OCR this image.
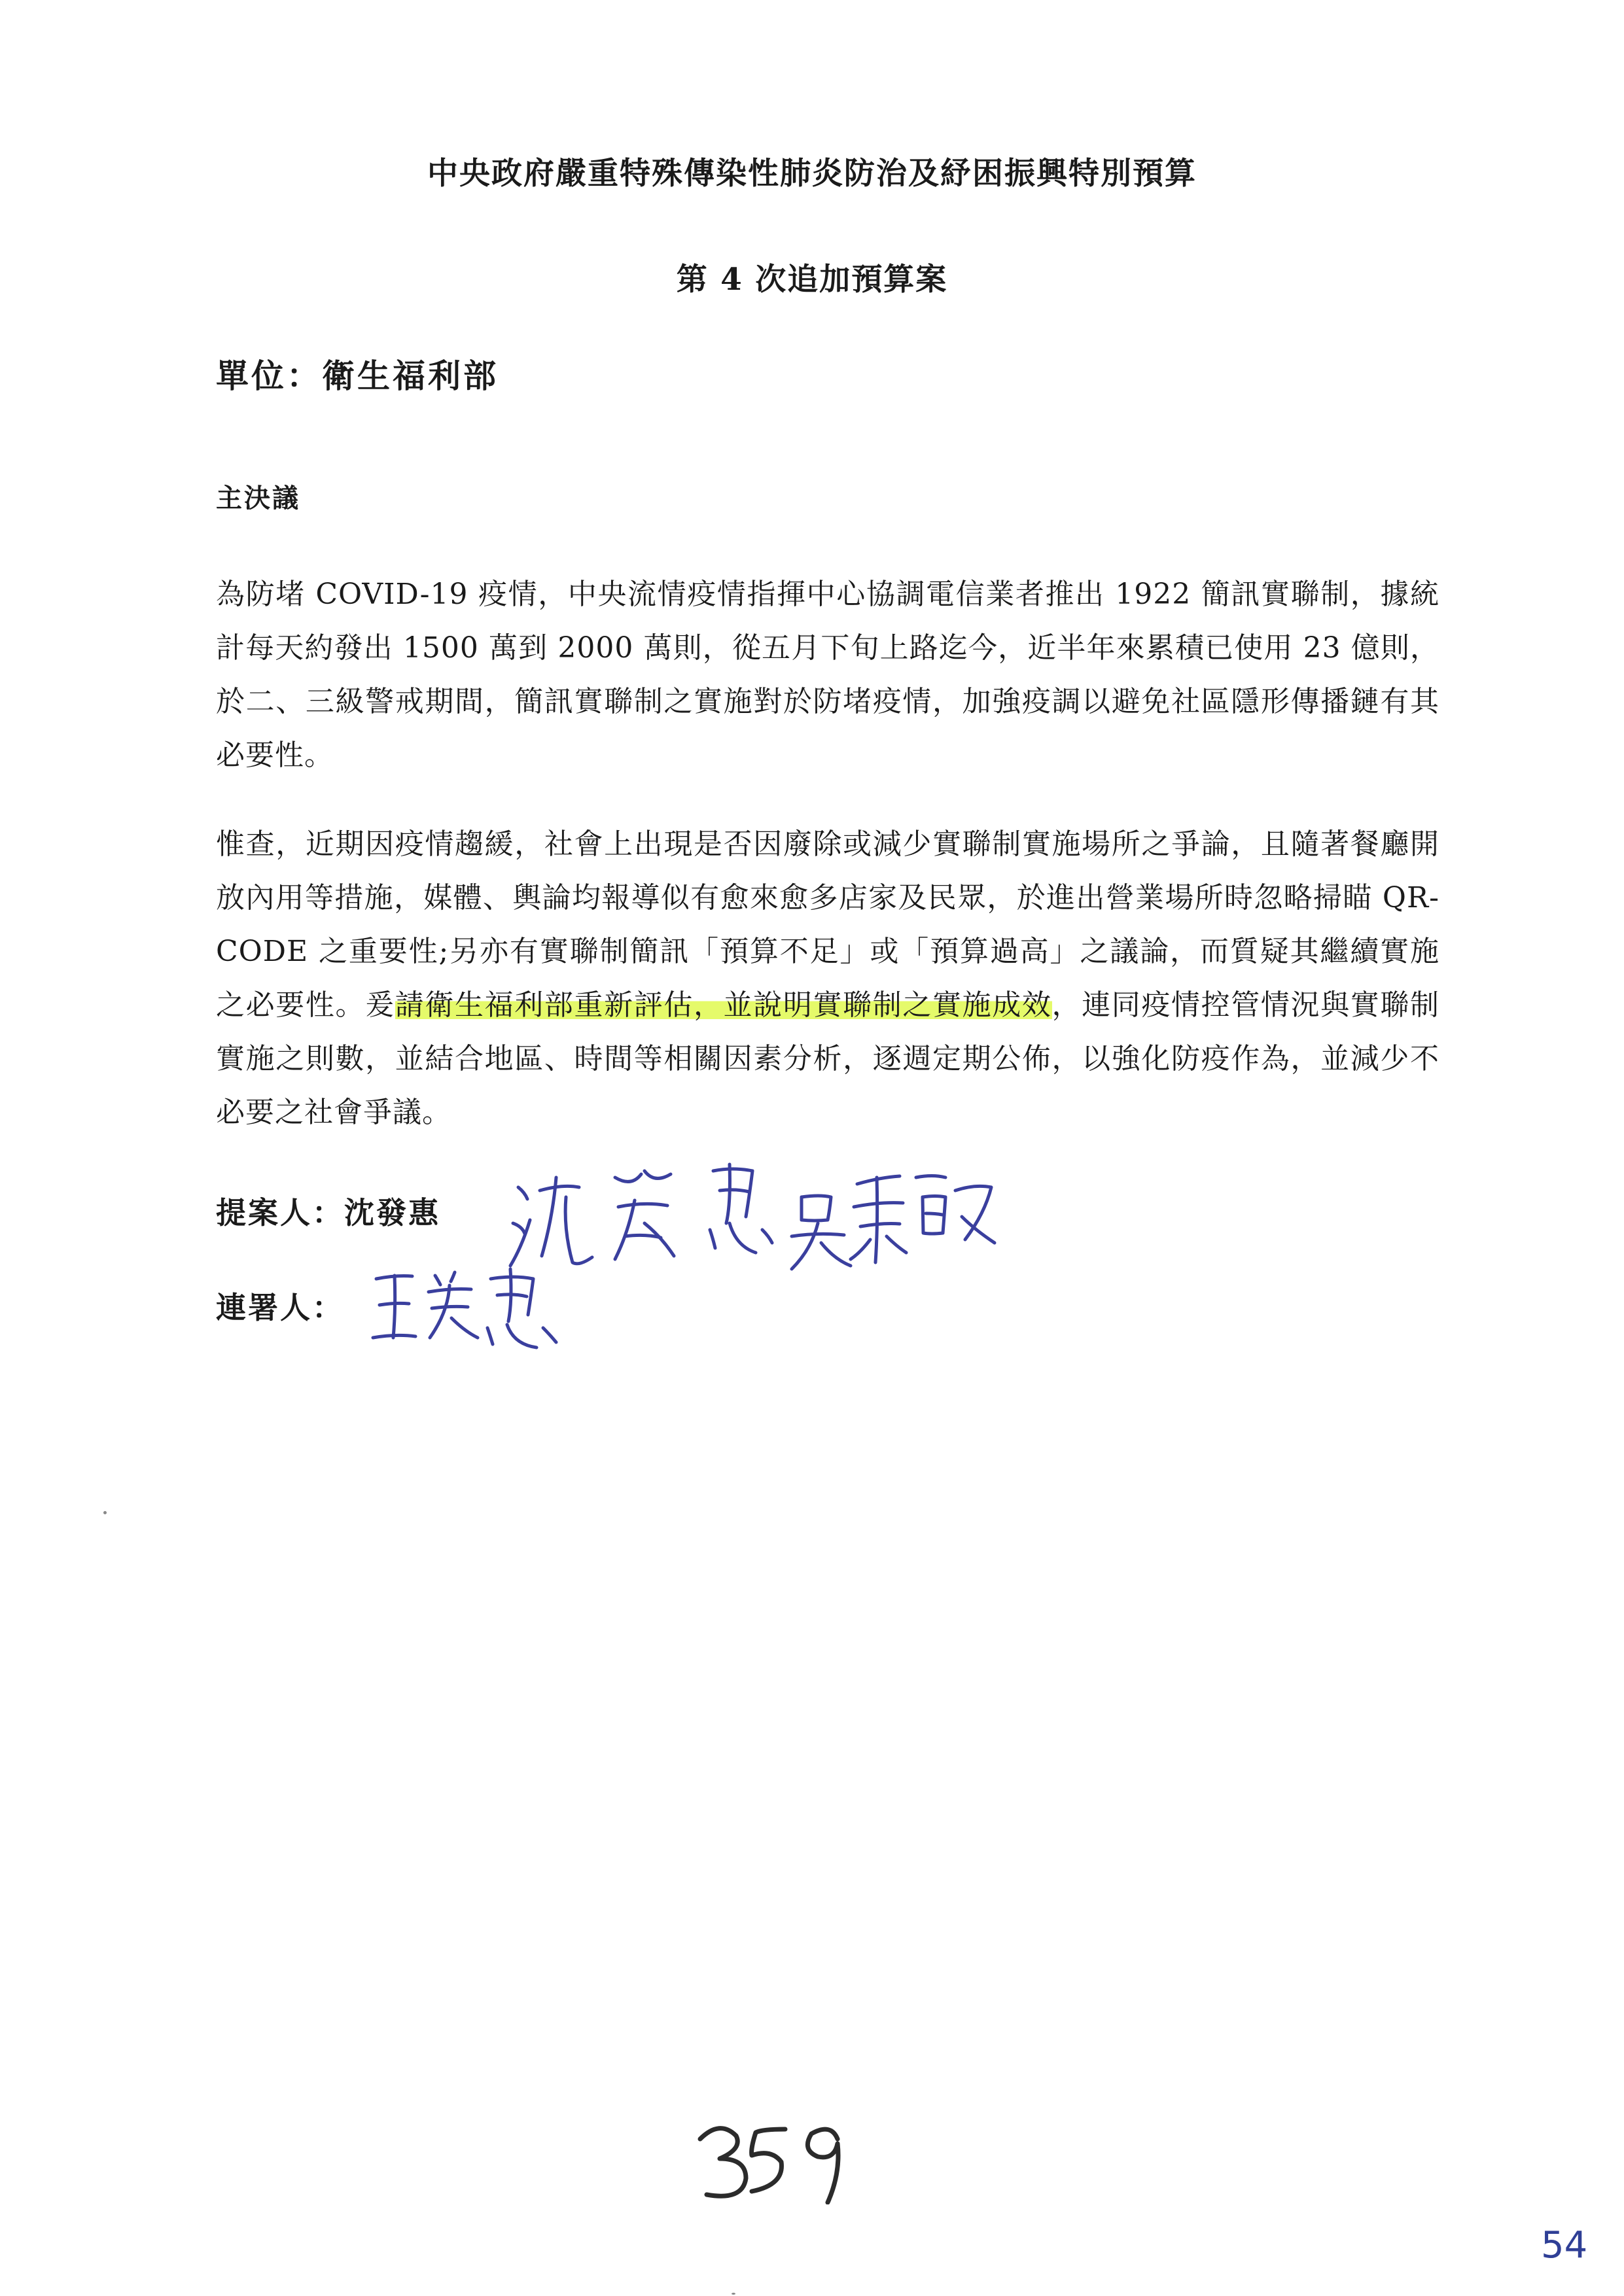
中央政府嚴重特殊傳染性肺炎防治及紓困振興特別預算
第 4 次追加預算案
單位：衛生福利部
主決議
為防堵 COVID-19 疫情，中央流情疫情指揮中心協調電信業者推出 1922 簡訊實聯制，據統計每天約發出 1500 萬到 2000 萬則，從五月下旬上路迄今，近半年來累積已使用 23 億則，於二、三級警戒期間，簡訊實聯制之實施對於防堵疫情，加強疫調以避免社區隱形傳播鏈有其必要性。
惟查，近期因疫情趨緩，社會上出現是否因廢除或減少實聯制實施場所之爭論，且隨著餐廳開放內用等措施，媒體、輿論均報導似有愈來愈多店家及民眾，於進出營業場所時忽略掃瞄 QR-CODE 之重要性;另亦有實聯制簡訊「預算不足」或「預算過高」之議論，而質疑其繼續實施之必要性。爰請衛生福利部重新評估，並說明實聯制之實施成效，連同疫情控管情況與實聯制實施之則數，並結合地區、時間等相關因素分析，逐週定期公佈，以強化防疫作為，並減少不必要之社會爭議。
提案人：沈發惠
連署人：
54
